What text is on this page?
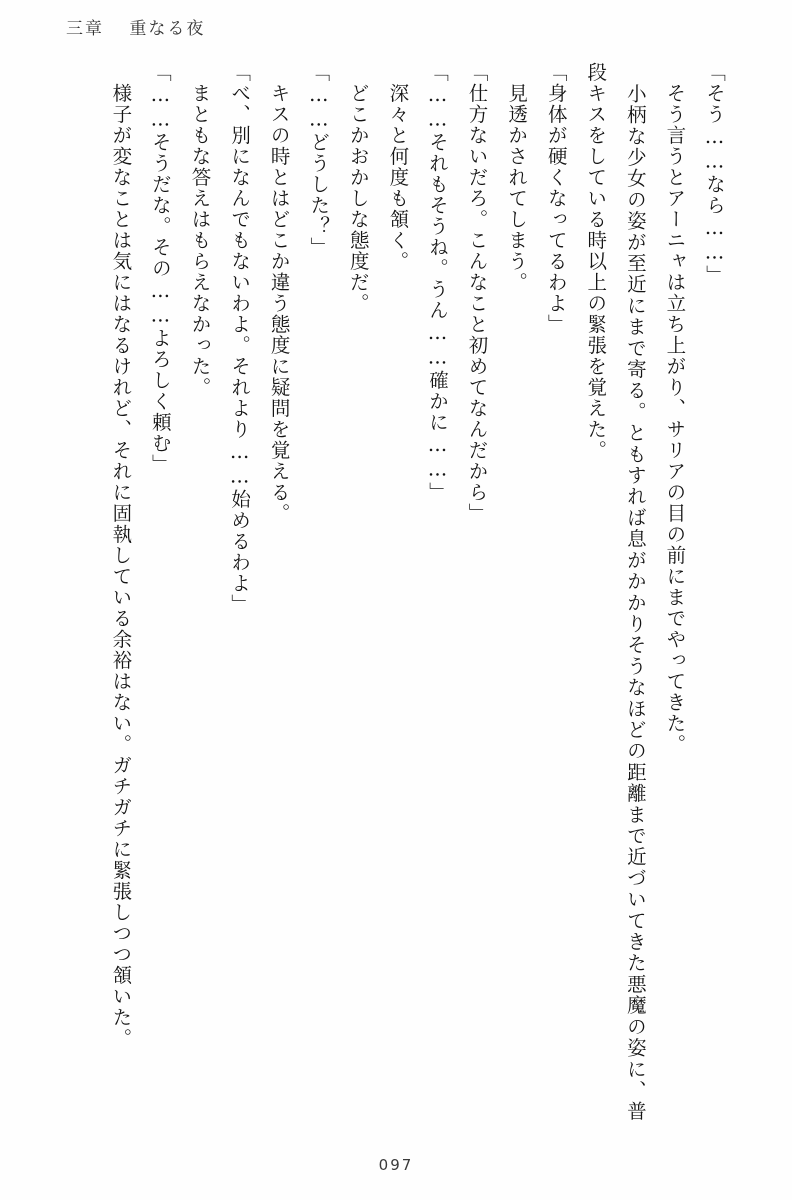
三章 重なる夜

「そう……なら……」

　そう言うとアーニャは立ち上がり、サリアの目の前にまでやってきた。

　小柄な少女の姿が至近にまで寄る。ともすれば息がかかりそうなほどの距離まで近づいてきた悪魔の姿に、普段キスをしている時以上の緊張を覚えた。

「身体が硬くなってるわよ」

　見透かされてしまう。

「仕方ないだろ。こんなこと初めてなんだから」

「……それもそうね。うん……確かに……」

　深々と何度も頷く。

　どこかおかしな態度だ。

「……どうした？」

　キスの時とはどこか違う態度に疑問を覚える。

「べ、別になんでもないわよ。それより……始めるわよ」

　まともな答えはもらえなかった。

「……そうだな。その……よろしく頼む」

　様子が変なことは気にはなるけれど、それに固執している余裕はない。ガチガチに緊張しつつ頷いた。

097
